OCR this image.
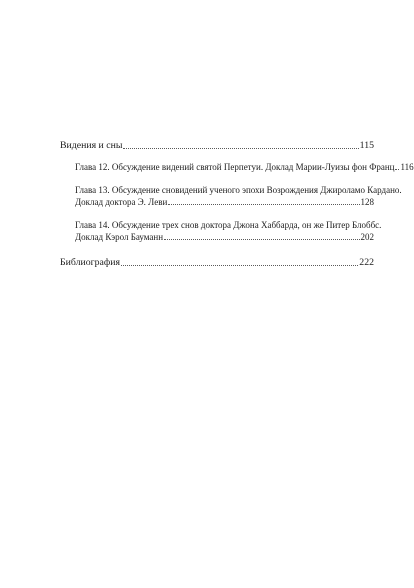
Видения и сны	115
Глава 12. Обсуждение видений святой Перпетуи. Доклад Марии-Луизы фон Франц 116
Глава 13. Обсуждение сновидений ученого эпохи Возрождения Джироламо Кардано.
Доклад доктора Э. Леви	128
Глава 14. Обсуждение трех снов доктора Джона Хаббарда, он же Питер Блоббс.
Доклад Кэрол Бауманн	202
Библиография	222
